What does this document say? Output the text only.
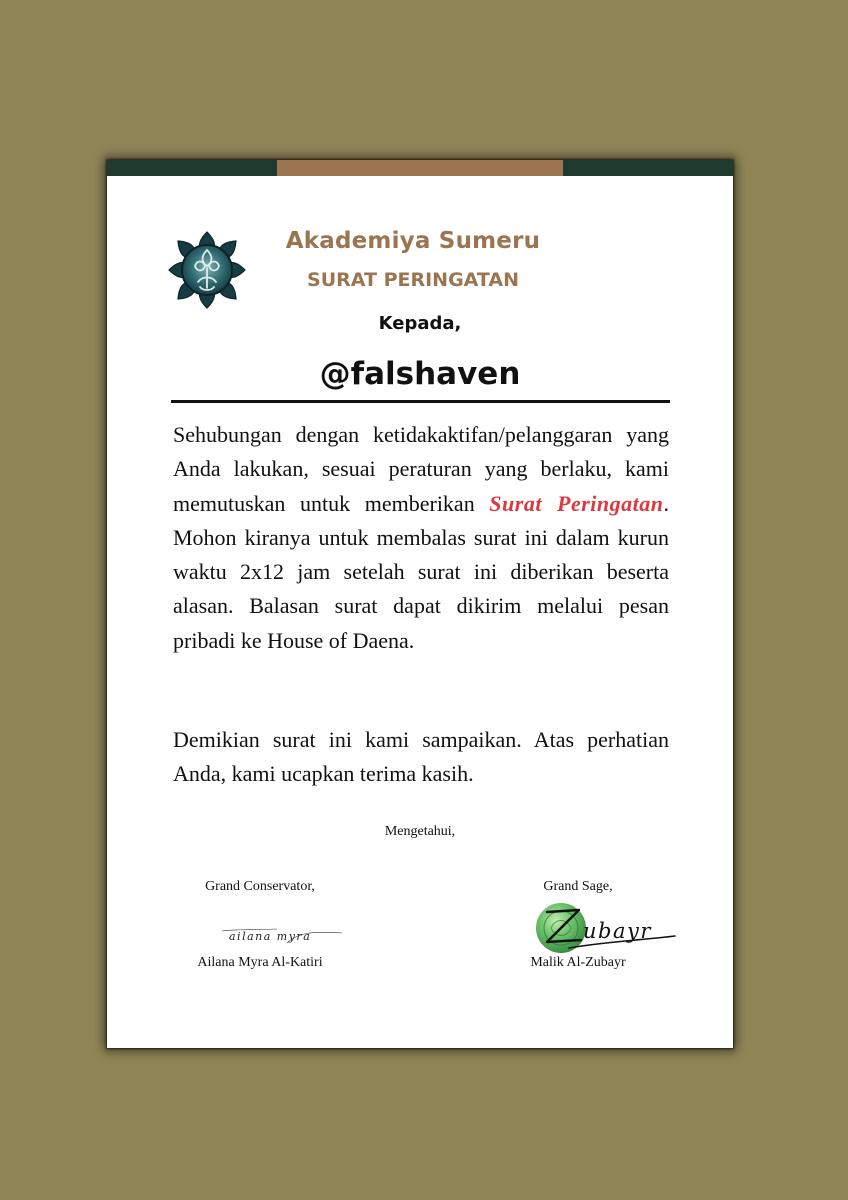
Akademiya Sumeru
SURAT PERINGATAN
Kepada,
@falshaven
Sehubungan dengan ketidakaktifan/pelanggaran yang Anda lakukan, sesuai peraturan yang berlaku, kami memutuskan untuk memberikan Surat Peringatan. Mohon kiranya untuk membalas surat ini dalam kurun waktu 2x12 jam setelah surat ini diberikan beserta alasan. Balasan surat dapat dikirim melalui pesan pribadi ke House of Daena.
Demikian surat ini kami sampaikan. Atas perhatian Anda, kami ucapkan terima kasih.
Mengetahui,
Grand Conservator,
ailana myra
Ailana Myra Al-Katiri
Grand Sage,
ubayr
Malik Al-Zubayr
